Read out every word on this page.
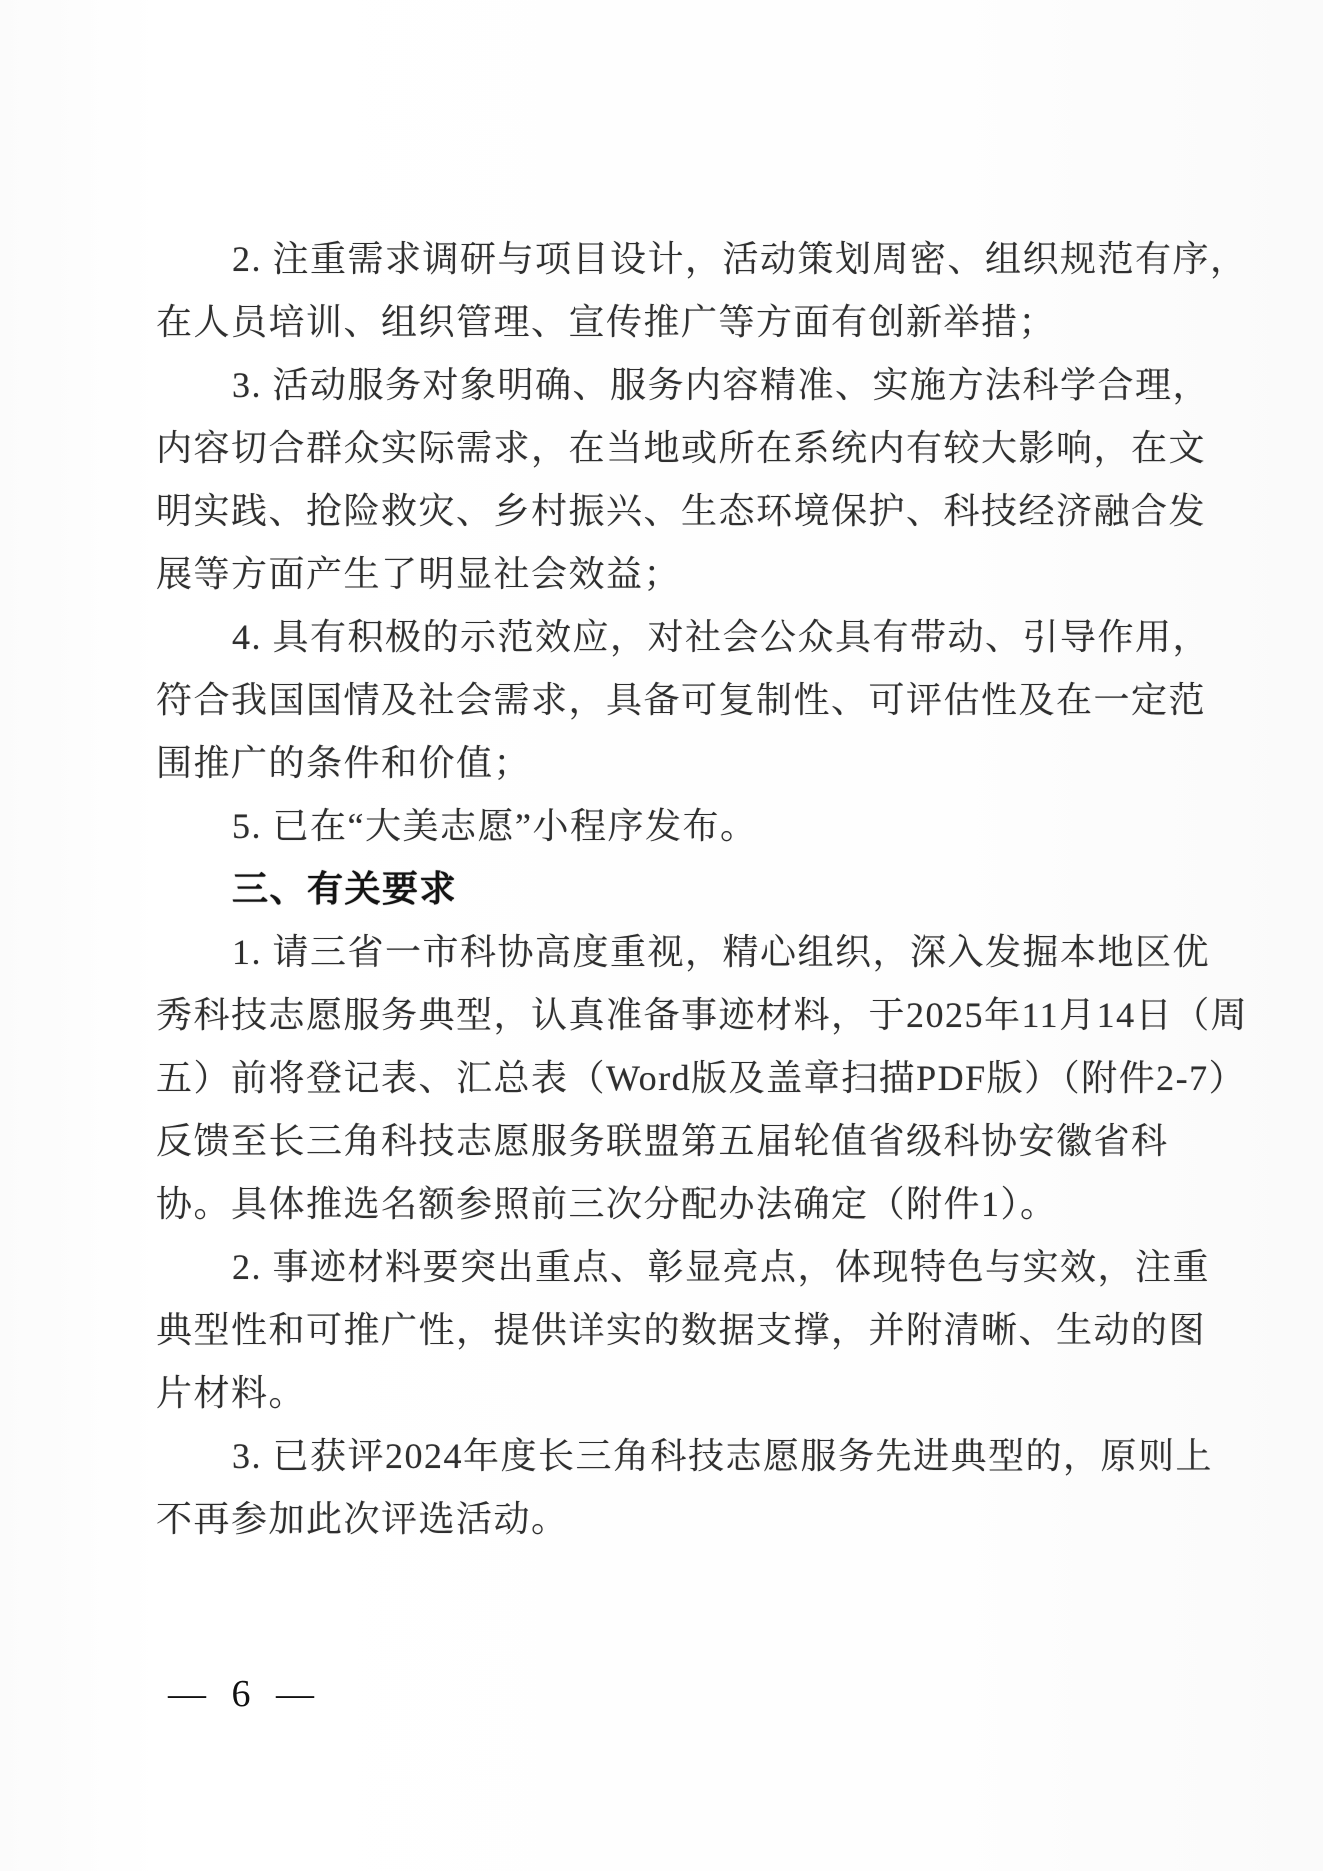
2. 注重需求调研与项目设计，活动策划周密、组织规范有序，
在人员培训、组织管理、宣传推广等方面有创新举措；
3. 活动服务对象明确、服务内容精准、实施方法科学合理，
内容切合群众实际需求，在当地或所在系统内有较大影响，在文
明实践、抢险救灾、乡村振兴、生态环境保护、科技经济融合发
展等方面产生了明显社会效益；
4. 具有积极的示范效应，对社会公众具有带动、引导作用，
符合我国国情及社会需求，具备可复制性、可评估性及在一定范
围推广的条件和价值；
5. 已在“大美志愿”小程序发布。
三、有关要求
1. 请三省一市科协高度重视，精心组织，深入发掘本地区优
秀科技志愿服务典型，认真准备事迹材料，于2025年11月14日（周
五）前将登记表、汇总表（Word版及盖章扫描PDF版）（附件2-7）
反馈至长三角科技志愿服务联盟第五届轮值省级科协安徽省科
协。具体推选名额参照前三次分配办法确定（附件1）。
2. 事迹材料要突出重点、彰显亮点，体现特色与实效，注重
典型性和可推广性，提供详实的数据支撑，并附清晰、生动的图
片材料。
3. 已获评2024年度长三角科技志愿服务先进典型的，原则上
不再参加此次评选活动。
— 6 —
